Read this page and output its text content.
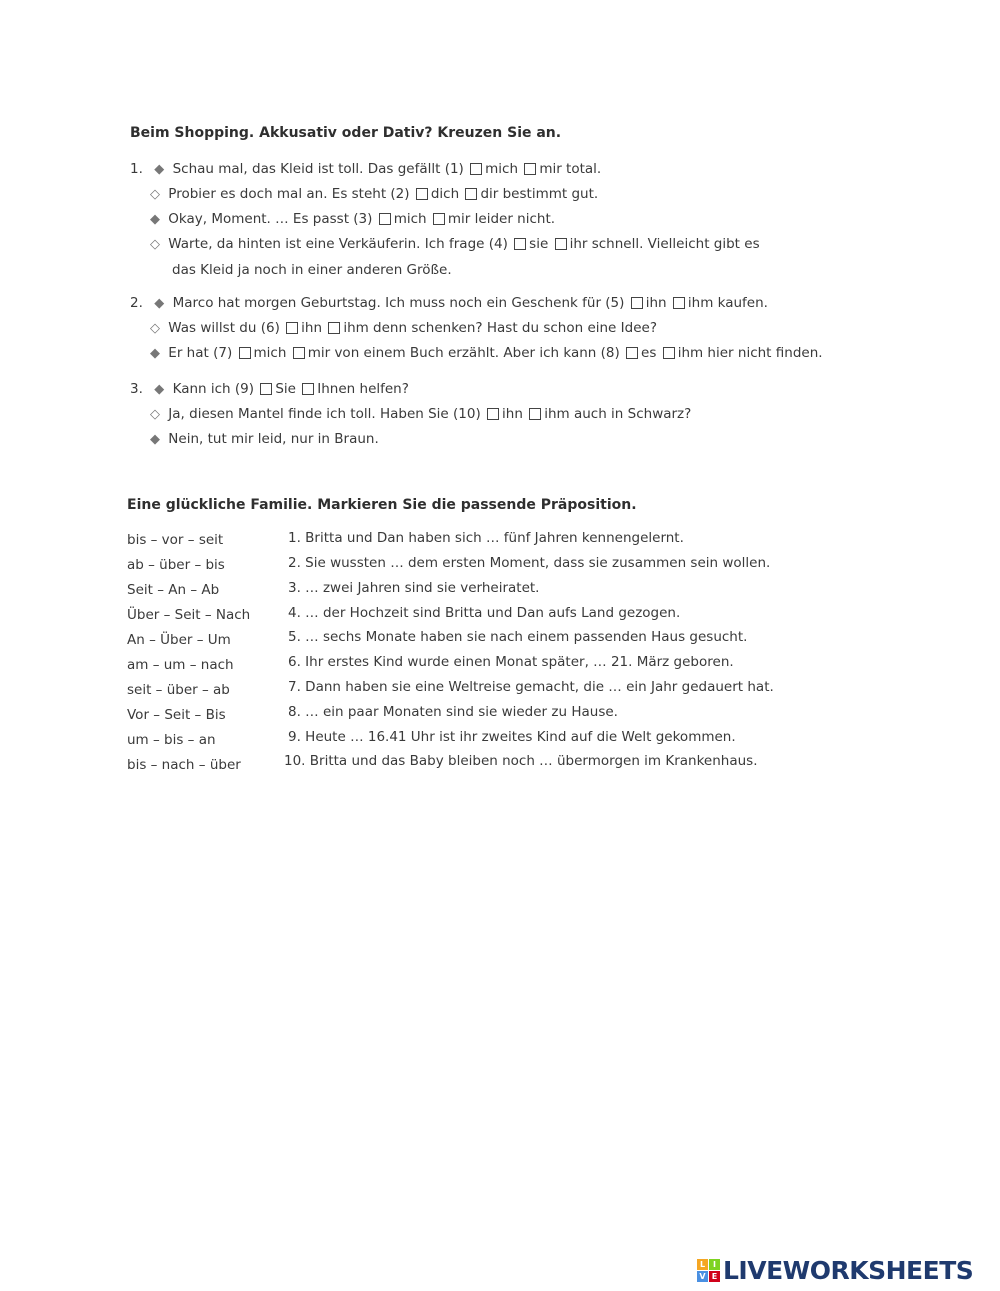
Beim Shopping. Akkusativ oder Dativ? Kreuzen Sie an.
1. ◆ Schau mal, das Kleid ist toll. Das gefällt (1) mich mir total.
◇ Probier es doch mal an. Es steht (2) dich dir bestimmt gut.
◆ Okay, Moment. … Es passt (3) mich mir leider nicht.
◇ Warte, da hinten ist eine Verkäuferin. Ich frage (4) sie ihr schnell. Vielleicht gibt es
das Kleid ja noch in einer anderen Größe.
2. ◆ Marco hat morgen Geburtstag. Ich muss noch ein Geschenk für (5) ihn ihm kaufen.
◇ Was willst du (6) ihn ihm denn schenken? Hast du schon eine Idee?
◆ Er hat (7) mich mir von einem Buch erzählt. Aber ich kann (8) es ihm hier nicht finden.
3. ◆ Kann ich (9) Sie Ihnen helfen?
◇ Ja, diesen Mantel finde ich toll. Haben Sie (10) ihn ihm auch in Schwarz?
◆ Nein, tut mir leid, nur in Braun.
Eine glückliche Familie. Markieren Sie die passende Präposition.
bis – vor – seit	1. Britta und Dan haben sich … fünf Jahren kennengelernt.
ab – über – bis	2. Sie wussten … dem ersten Moment, dass sie zusammen sein wollen.
Seit – An – Ab	3. … zwei Jahren sind sie verheiratet.
Über – Seit – Nach	4. … der Hochzeit sind Britta und Dan aufs Land gezogen.
An – Über – Um	5. … sechs Monate haben sie nach einem passenden Haus gesucht.
am – um – nach	6. Ihr erstes Kind wurde einen Monat später, … 21. März geboren.
seit – über – ab	7. Dann haben sie eine Weltreise gemacht, die … ein Jahr gedauert hat.
Vor – Seit – Bis	8. … ein paar Monaten sind sie wieder zu Hause.
um – bis – an	9. Heute … 16.41 Uhr ist ihr zweites Kind auf die Welt gekommen.
bis – nach – über	10. Britta und das Baby bleiben noch … übermorgen im Krankenhaus.
L I
V E LIVEWORKSHEETS
